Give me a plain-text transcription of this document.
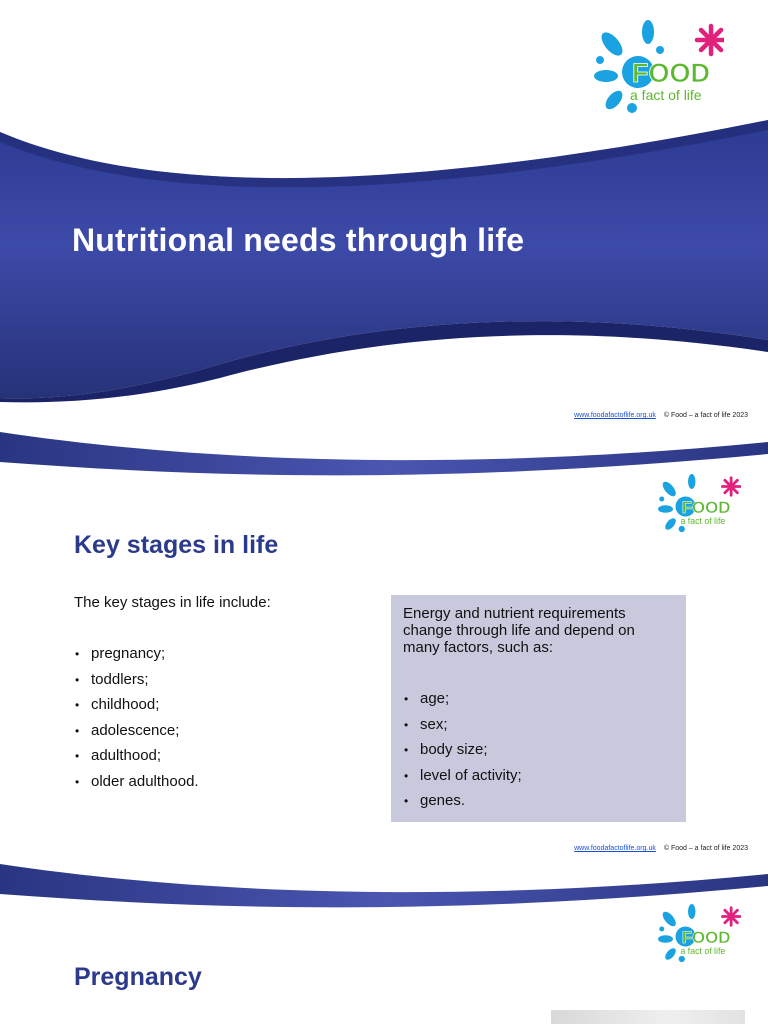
FOOD
a fact of life
Nutritional needs through life
www.foodafactoflife.org.uk © Food – a fact of life 2023
FOOD
a fact of life
Key stages in life

The key stages in life include:

• pregnancy;
• toddlers;
• childhood;
• adolescence;
• adulthood;
• older adulthood.

Energy and nutrient requirements change through life and depend on many factors, such as:

• age;
• sex;
• body size;
• level of activity;
• genes.
www.foodafactoflife.org.uk © Food – a fact of life 2023
FOOD
a fact of life
Pregnancy
